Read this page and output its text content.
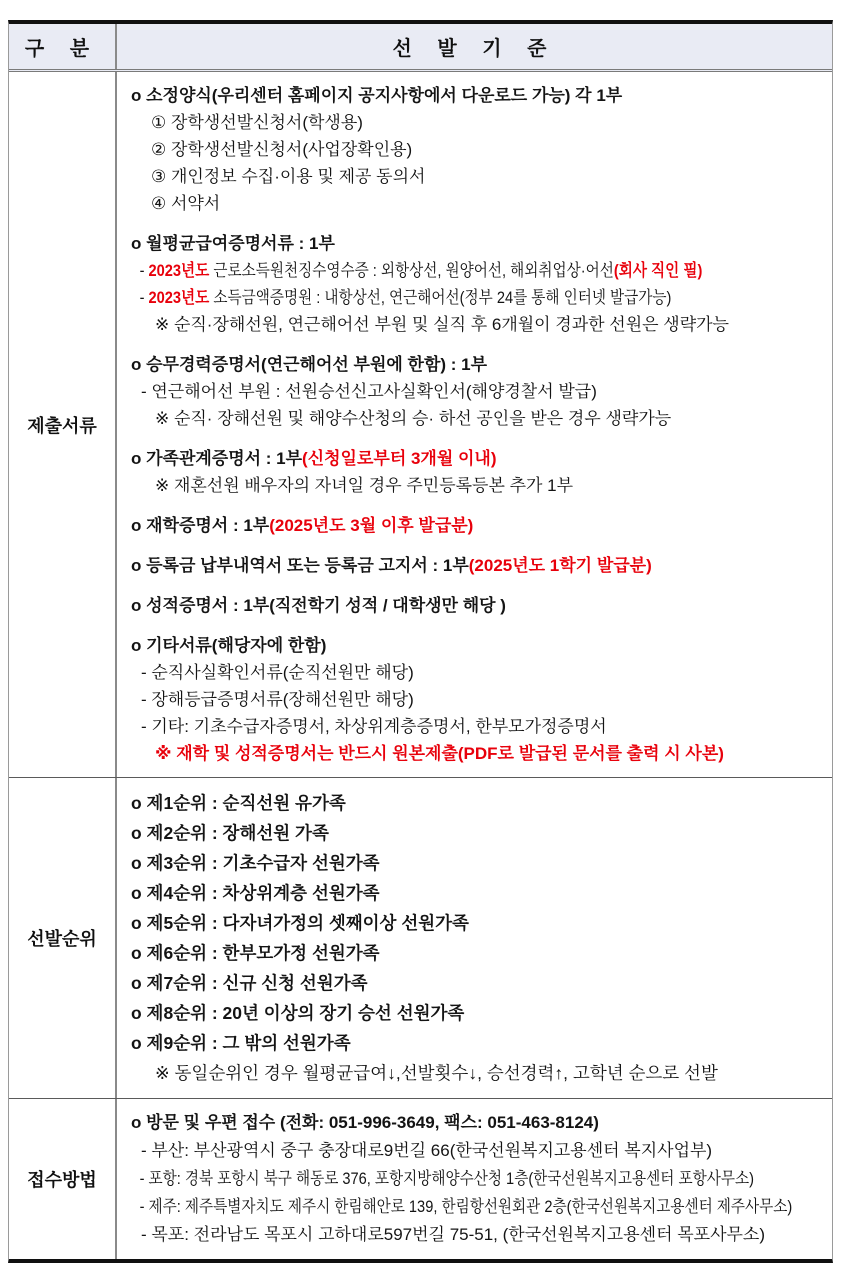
구 분	선 발 기 준
제출서류
o 소정양식(우리센터 홈페이지 공지사항에서 다운로드 가능) 각 1부
① 장학생선발신청서(학생용)
② 장학생선발신청서(사업장확인용)
③ 개인정보 수집·이용 및 제공 동의서
④ 서약서
o 월평균급여증명서류 : 1부
- 2023년도 근로소득원천징수영수증 : 외항상선, 원양어선, 해외취업상·어선(회사 직인 필)
- 2023년도 소득금액증명원 : 내항상선, 연근해어선(정부 24를 통해 인터넷 발급가능)
※ 순직·장해선원, 연근해어선 부원 및 실직 후 6개월이 경과한 선원은 생략가능
o 승무경력증명서(연근해어선 부원에 한함) : 1부
- 연근해어선 부원 : 선원승선신고사실확인서(해양경찰서 발급)
※ 순직· 장해선원 및 해양수산청의 승· 하선 공인을 받은 경우 생략가능
o 가족관계증명서 : 1부(신청일로부터 3개월 이내)
※ 재혼선원 배우자의 자녀일 경우 주민등록등본 추가 1부
o 재학증명서 : 1부(2025년도 3월 이후 발급분)
o 등록금 납부내역서 또는 등록금 고지서 : 1부(2025년도 1학기 발급분)
o 성적증명서 : 1부(직전학기 성적 / 대학생만 해당 )
o 기타서류(해당자에 한함)
- 순직사실확인서류(순직선원만 해당)
- 장해등급증명서류(장해선원만 해당)
- 기타: 기초수급자증명서, 차상위계층증명서, 한부모가정증명서
※ 재학 및 성적증명서는 반드시 원본제출(PDF로 발급된 문서를 출력 시 사본)
선발순위
o 제1순위 : 순직선원 유가족
o 제2순위 : 장해선원 가족
o 제3순위 : 기초수급자 선원가족
o 제4순위 : 차상위계층 선원가족
o 제5순위 : 다자녀가정의 셋째이상 선원가족
o 제6순위 : 한부모가정 선원가족
o 제7순위 : 신규 신청 선원가족
o 제8순위 : 20년 이상의 장기 승선 선원가족
o 제9순위 : 그 밖의 선원가족
※ 동일순위인 경우 월평균급여↓,선발횟수↓, 승선경력↑, 고학년 순으로 선발
접수방법
o 방문 및 우편 접수 (전화: 051-996-3649, 팩스: 051-463-8124)
- 부산: 부산광역시 중구 충장대로9번길 66(한국선원복지고용센터 복지사업부)
- 포항: 경북 포항시 북구 해동로 376, 포항지방해양수산청 1층(한국선원복지고용센터 포항사무소)
- 제주: 제주특별자치도 제주시 한림해안로 139, 한림항선원회관 2층(한국선원복지고용센터 제주사무소)
- 목포: 전라남도 목포시 고하대로597번길 75-51, (한국선원복지고용센터 목포사무소)
